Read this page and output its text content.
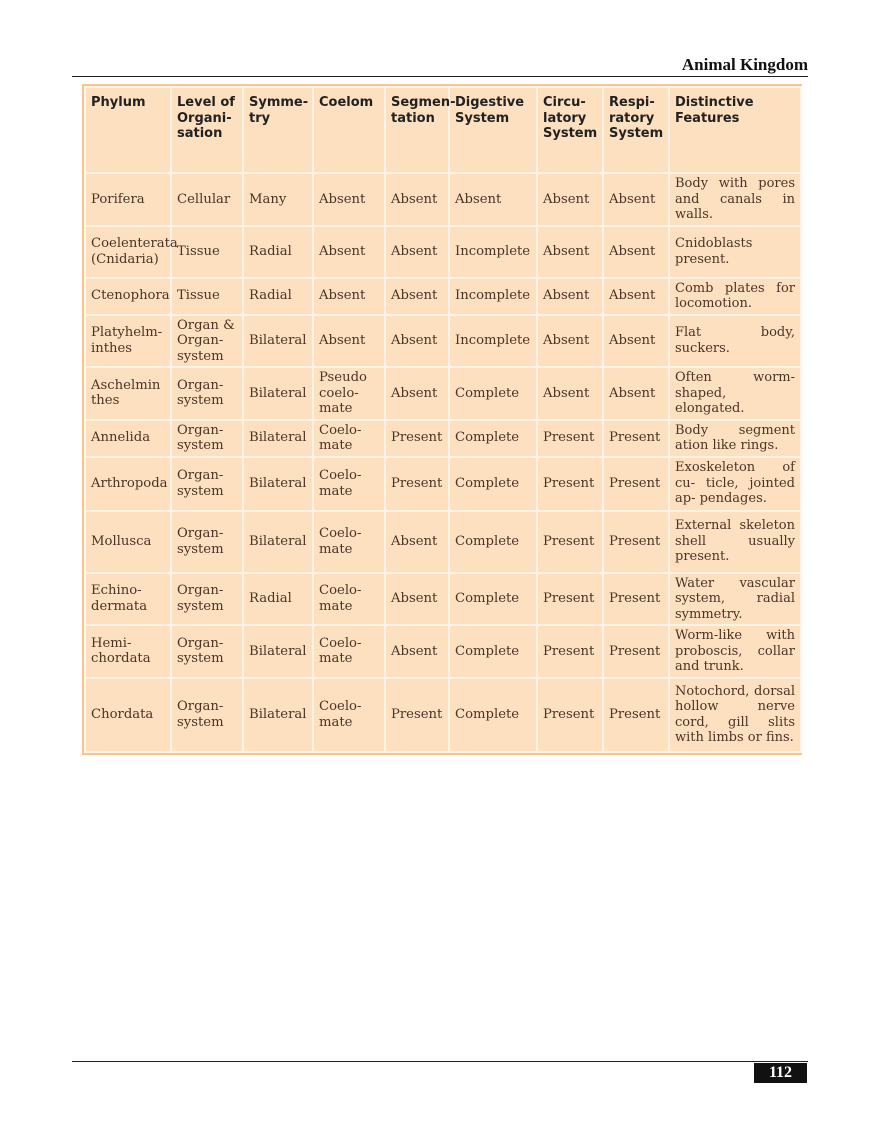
Animal Kingdom
Phylum	Level of Organi- sation	Symme- try	Coelom	Segmen- tation	Digestive System	Circu- latory System	Respi- ratory System	Distinctive Features
Porifera	Cellular	Many	Absent	Absent	Absent	Absent	Absent	Body with pores and canals in walls.
Coelenterata (Cnidaria)	Tissue	Radial	Absent	Absent	Incomplete	Absent	Absent	Cnidoblasts present.
Ctenophora	Tissue	Radial	Absent	Absent	Incomplete	Absent	Absent	Comb plates for locomotion.
Platyhelm- inthes	Organ & Organ- system	Bilateral	Absent	Absent	Incomplete	Absent	Absent	Flat body, suckers.
Aschelmin thes	Organ- system	Bilateral	Pseudo coelo- mate	Absent	Complete	Absent	Absent	Often worm- shaped, elongated.
Annelida	Organ- system	Bilateral	Coelo- mate	Present	Complete	Present	Present	Body segment ation like rings.
Arthropoda	Organ- system	Bilateral	Coelo- mate	Present	Complete	Present	Present	Exoskeleton of cu- ticle, jointed ap- pendages.
Mollusca	Organ- system	Bilateral	Coelo- mate	Absent	Complete	Present	Present	External skeleton shell usually present.
Echino- dermata	Organ- system	Radial	Coelo- mate	Absent	Complete	Present	Present	Water vascular system, radial symmetry.
Hemi- chordata	Organ- system	Bilateral	Coelo- mate	Absent	Complete	Present	Present	Worm-like with proboscis, collar and trunk.
Chordata	Organ- system	Bilateral	Coelo- mate	Present	Complete	Present	Present	Notochord, dorsal hollow nerve cord, gill slits with limbs or fins.
112
